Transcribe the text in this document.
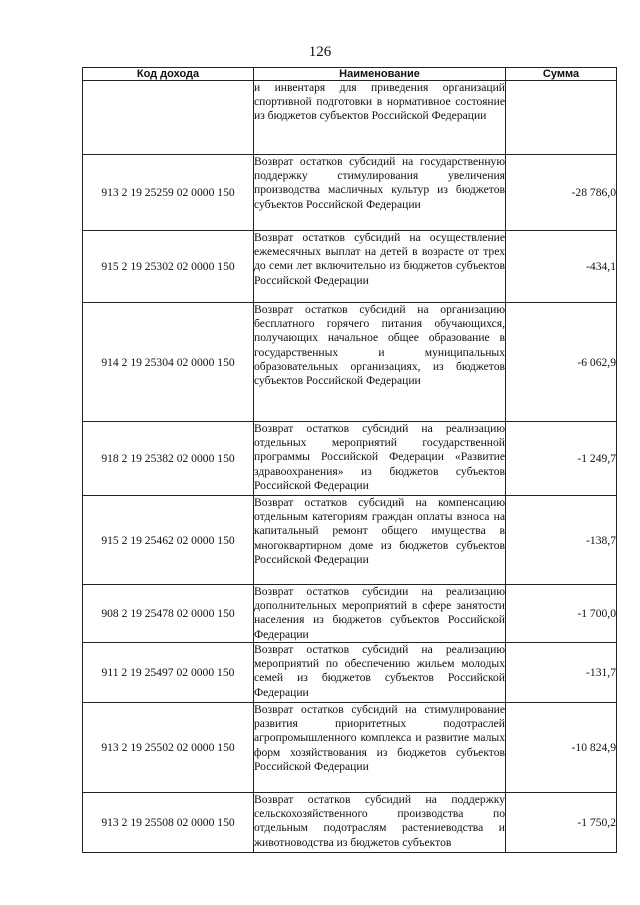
126
Код дохода	Наименование	Сумма
	и инвентаря для приведения организаций спортивной подготовки в нормативное состояние из бюджетов субъектов Российской Федерации	
913 2 19 25259 02 0000 150	Возврат остатков субсидий на государственную поддержку стимулирования увеличения производства масличных культур из бюджетов субъектов Российской Федерации	-28 786,0
915 2 19 25302 02 0000 150	Возврат остатков субсидий на осуществление ежемесячных выплат на детей в возрасте от трех до семи лет включительно из бюджетов субъектов Российской Федерации	-434,1
914 2 19 25304 02 0000 150	Возврат остатков субсидий на организацию бесплатного горячего питания обучающихся, получающих начальное общее образование в государственных и муниципальных образовательных организациях, из бюджетов субъектов Российской Федерации	-6 062,9
918 2 19 25382 02 0000 150	Возврат остатков субсидий на реализацию отдельных мероприятий государственной программы Российской Федерации «Развитие здравоохранения» из бюджетов субъектов Российской Федерации	-1 249,7
915 2 19 25462 02 0000 150	Возврат остатков субсидий на компенсацию отдельным категориям граждан оплаты взноса на капитальный ремонт общего имущества в многоквартирном доме из бюджетов субъектов Российской Федерации	-138,7
908 2 19 25478 02 0000 150	Возврат остатков субсидии на реализацию дополнительных мероприятий в сфере занятости населения из бюджетов субъектов Российской Федерации	-1 700,0
911 2 19 25497 02 0000 150	Возврат остатков субсидий на реализацию мероприятий по обеспечению жильем молодых семей из бюджетов субъектов Российской Федерации	-131,7
913 2 19 25502 02 0000 150	Возврат остатков субсидий на стимулирование развития приоритетных подотраслей агропромышленного комплекса и развитие малых форм хозяйствования из бюджетов субъектов Российской Федерации	-10 824,9
913 2 19 25508 02 0000 150	Возврат остатков субсидий на поддержку сельскохозяйственного производства по отдельным подотраслям растениеводства и животноводства из бюджетов субъектов	-1 750,2
